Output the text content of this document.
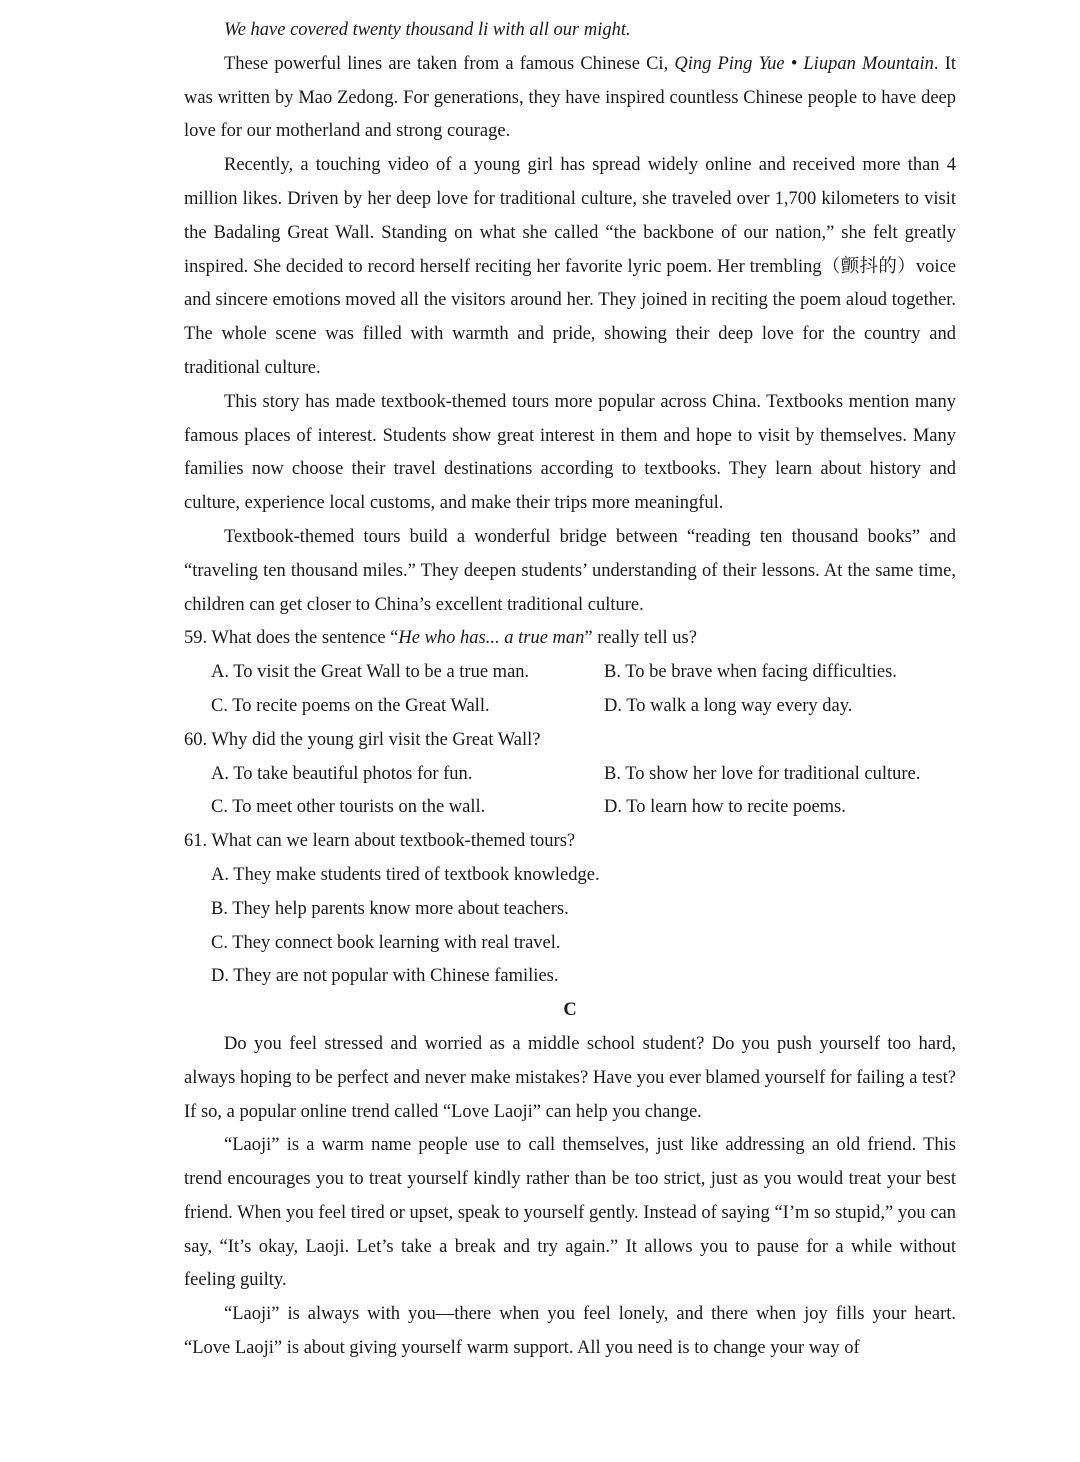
We have covered twenty thousand li with all our might.

These powerful lines are taken from a famous Chinese Ci, Qing Ping Yue • Liupan Mountain. It was written by Mao Zedong. For generations, they have inspired countless Chinese people to have deep love for our motherland and strong courage.

Recently, a touching video of a young girl has spread widely online and received more than 4 million likes. Driven by her deep love for traditional culture, she traveled over 1,700 kilometers to visit the Badaling Great Wall. Standing on what she called “the backbone of our nation,” she felt greatly inspired. She decided to record herself reciting her favorite lyric poem. Her trembling（颤抖的）voice and sincere emotions moved all the visitors around her. They joined in reciting the poem aloud together. The whole scene was filled with warmth and pride, showing their deep love for the country and traditional culture.

This story has made textbook-themed tours more popular across China. Textbooks mention many famous places of interest. Students show great interest in them and hope to visit by themselves. Many families now choose their travel destinations according to textbooks. They learn about history and culture, experience local customs, and make their trips more meaningful.

Textbook-themed tours build a wonderful bridge between “reading ten thousand books” and “traveling ten thousand miles.” They deepen students’ understanding of their lessons. At the same time, children can get closer to China’s excellent traditional culture.

59. What does the sentence “He who has... a true man” really tell us?

A. To visit the Great Wall to be a true man.	B. To be brave when facing difficulties.
C. To recite poems on the Great Wall.	D. To walk a long way every day.

60. Why did the young girl visit the Great Wall?

A. To take beautiful photos for fun.	B. To show her love for traditional culture.
C. To meet other tourists on the wall.	D. To learn how to recite poems.

61. What can we learn about textbook-themed tours?

A. They make students tired of textbook knowledge.

B. They help parents know more about teachers.

C. They connect book learning with real travel.

D. They are not popular with Chinese families.

C

Do you feel stressed and worried as a middle school student? Do you push yourself too hard, always hoping to be perfect and never make mistakes? Have you ever blamed yourself for failing a test? If so, a popular online trend called “Love Laoji” can help you change.

“Laoji” is a warm name people use to call themselves, just like addressing an old friend. This trend encourages you to treat yourself kindly rather than be too strict, just as you would treat your best friend. When you feel tired or upset, speak to yourself gently. Instead of saying “I’m so stupid,” you can say, “It’s okay, Laoji. Let’s take a break and try again.” It allows you to pause for a while without feeling guilty.

“Laoji” is always with you—there when you feel lonely, and there when joy fills your heart. “Love Laoji” is about giving yourself warm support. All you need is to change your way of
